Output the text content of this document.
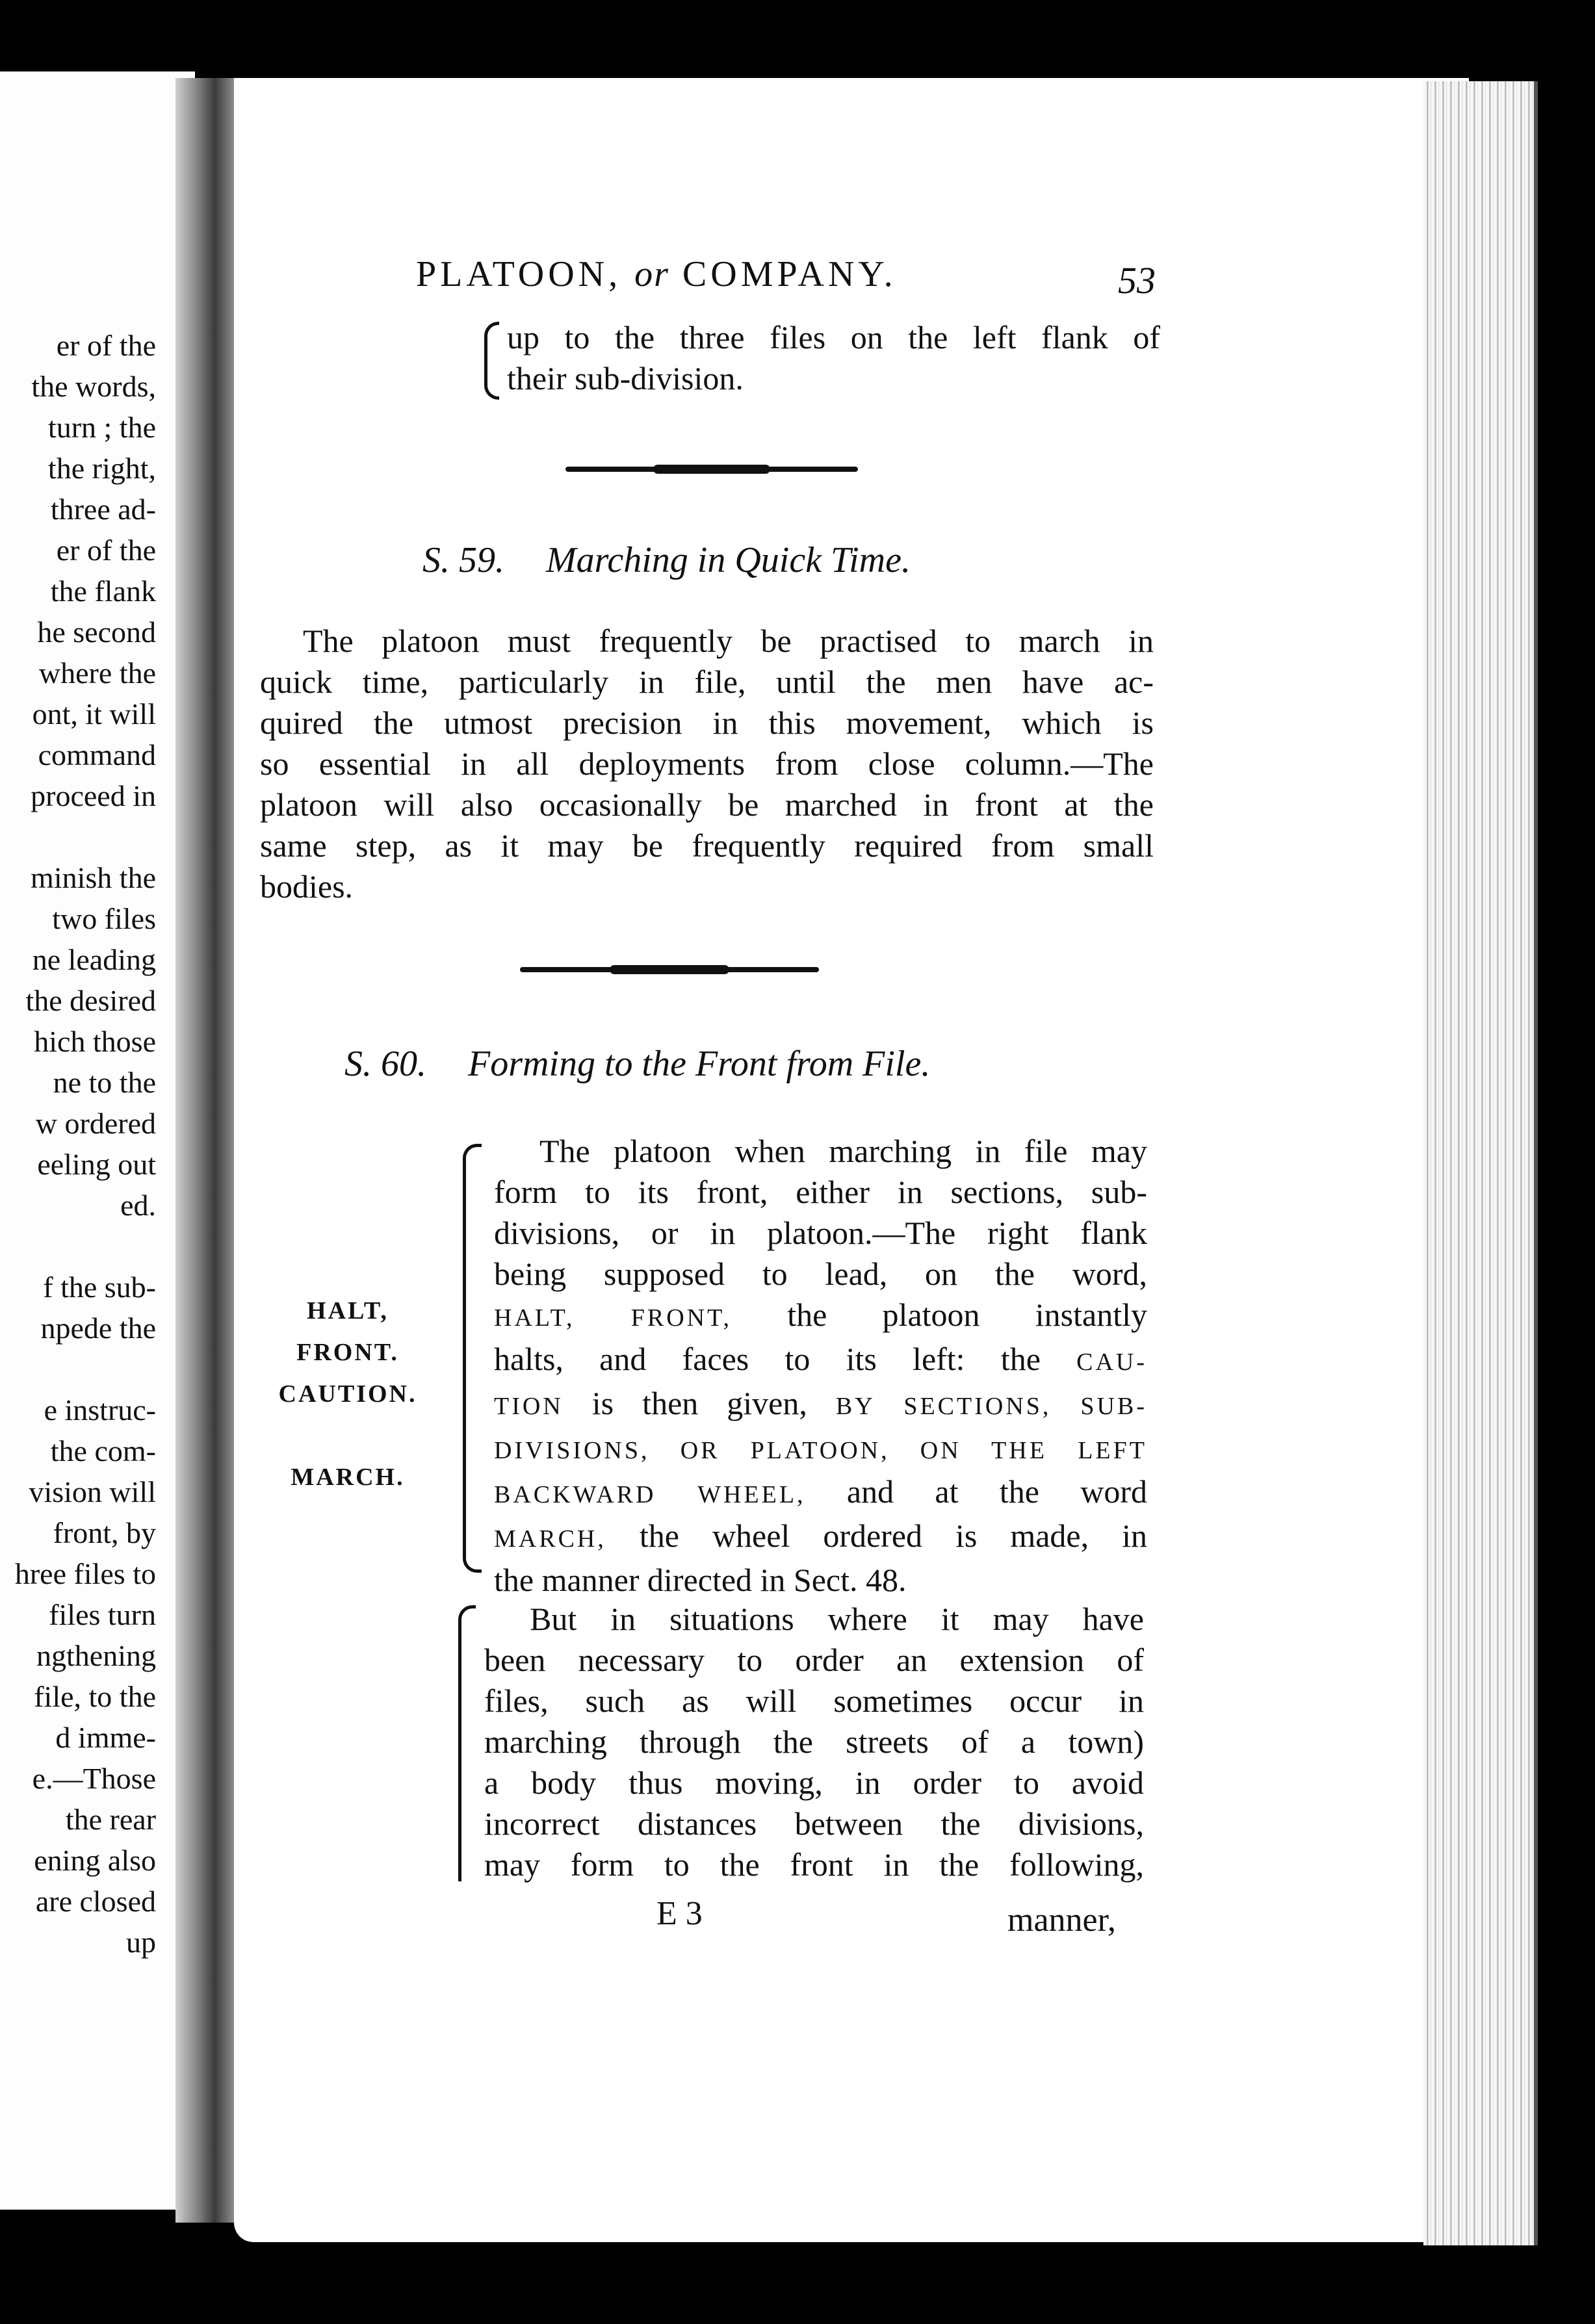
er of the
the words,
turn ; the
the right,
three ad-
er of the
the flank
he second
where the
ont, it will
command
proceed in
minish the
two files
ne leading
the desired
hich those
ne to the
w ordered
eeling out
ed.
f the sub-
npede the
e instruc-
the com-
vision will
front, by
hree files to
files turn
ngthening
file, to the
d imme-
e.—Those
the rear
ening also
are closed
up
PLATOON, or COMPANY.	53
up to the three files on the left flank of
their sub-division.
S. 59. Marching in Quick Time.
The platoon must frequently be practised to march in
quick time, particularly in file, until the men have ac-
quired the utmost precision in this movement, which is
so essential in all deployments from close column.—The
platoon will also occasionally be marched in front at the
same step, as it may be frequently required from small
bodies.
S. 60. Forming to the Front from File.
HALT,
FRONT.
CAUTION.

MARCH.
The platoon when marching in file may
form to its front, either in sections, sub-
divisions, or in platoon.—The right flank
being supposed to lead, on the word,
HALT, FRONT, the platoon instantly
halts, and faces to its left: the CAU-
TION is then given, BY SECTIONS, SUB-
DIVISIONS, OR PLATOON, ON THE LEFT
BACKWARD WHEEL, and at the word
MARCH, the wheel ordered is made, in
the manner directed in Sect. 48.
But in situations where it may have
been necessary to order an extension of
files, such as will sometimes occur in
marching through the streets of a town)
a body thus moving, in order to avoid
incorrect distances between the divisions,
may form to the front in the following,
E 3	manner,
